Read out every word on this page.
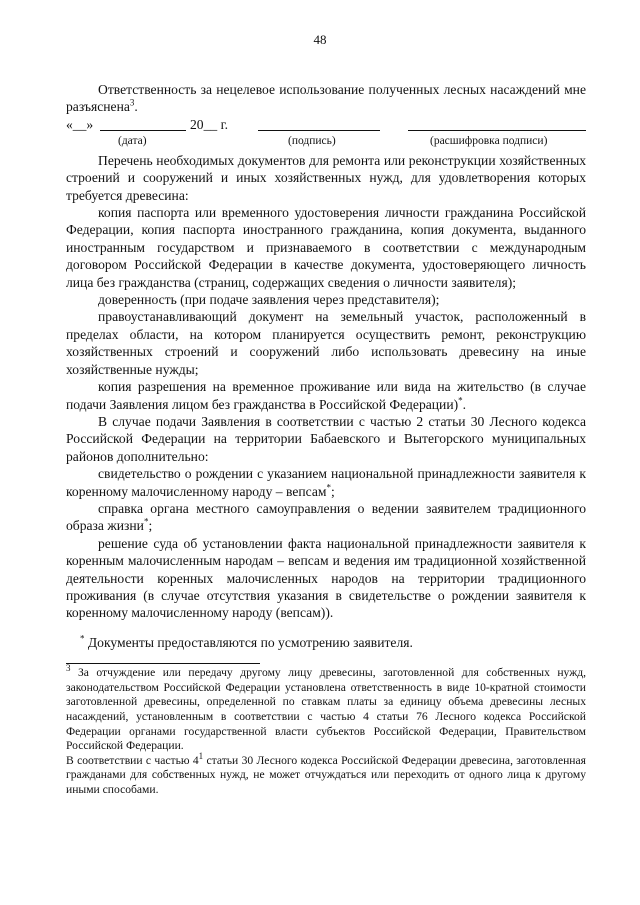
48

Ответственность за нецелевое использование полученных лесных насаждений мне разъяснена$^3$.

«__»	20__ г.
(дата)	(подпись)	(расшифровка подписи)

Перечень необходимых документов для ремонта или реконструкции хозяйственных строений и сооружений и иных хозяйственных нужд, для удовлетворения которых требуется древесина:

копия паспорта или временного удостоверения личности гражданина Российской Федерации, копия паспорта иностранного гражданина, копия документа, выданного иностранным государством и признаваемого в соответствии с международным договором Российской Федерации в качестве документа, удостоверяющего личность лица без гражданства (страниц, содержащих сведения о личности заявителя);

доверенность (при подаче заявления через представителя);

правоустанавливающий документ на земельный участок, расположенный в пределах области, на котором планируется осуществить ремонт, реконструкцию хозяйственных строений и сооружений либо использовать древесину на иные хозяйственные нужды;

копия разрешения на временное проживание или вида на жительство (в случае подачи Заявления лицом без гражданства в Российской Федерации)*.

В случае подачи Заявления в соответствии с частью 2 статьи 30 Лесного кодекса Российской Федерации на территории Бабаевского и Вытегорского муниципальных районов дополнительно:

свидетельство о рождении с указанием национальной принадлежности заявителя к коренному малочисленному народу – вепсам*;

справка органа местного самоуправления о ведении заявителем традиционного образа жизни*;

решение суда об установлении факта национальной принадлежности заявителя к коренным малочисленным народам – вепсам и ведения им традиционной хозяйственной деятельности коренных малочисленных народов на территории традиционного проживания (в случае отсутствия указания в свидетельстве о рождении заявителя к коренному малочисленному народу (вепсам)).

* Документы предоставляются по усмотрению заявителя.

$^3$ За отчуждение или передачу другому лицу древесины, заготовленной для собственных нужд, законодательством Российской Федерации установлена ответственность в виде 10-кратной стоимости заготовленной древесины, определенной по ставкам платы за единицу объема древесины лесных насаждений, установленным в соответствии с частью 4 статьи 76 Лесного кодекса Российской Федерации органами государственной власти субъектов Российской Федерации, Правительством Российской Федерации.

В соответствии с частью $4^1$ статьи 30 Лесного кодекса Российской Федерации древесина, заготовленная гражданами для собственных нужд, не может отчуждаться или переходить от одного лица к другому иными способами.
